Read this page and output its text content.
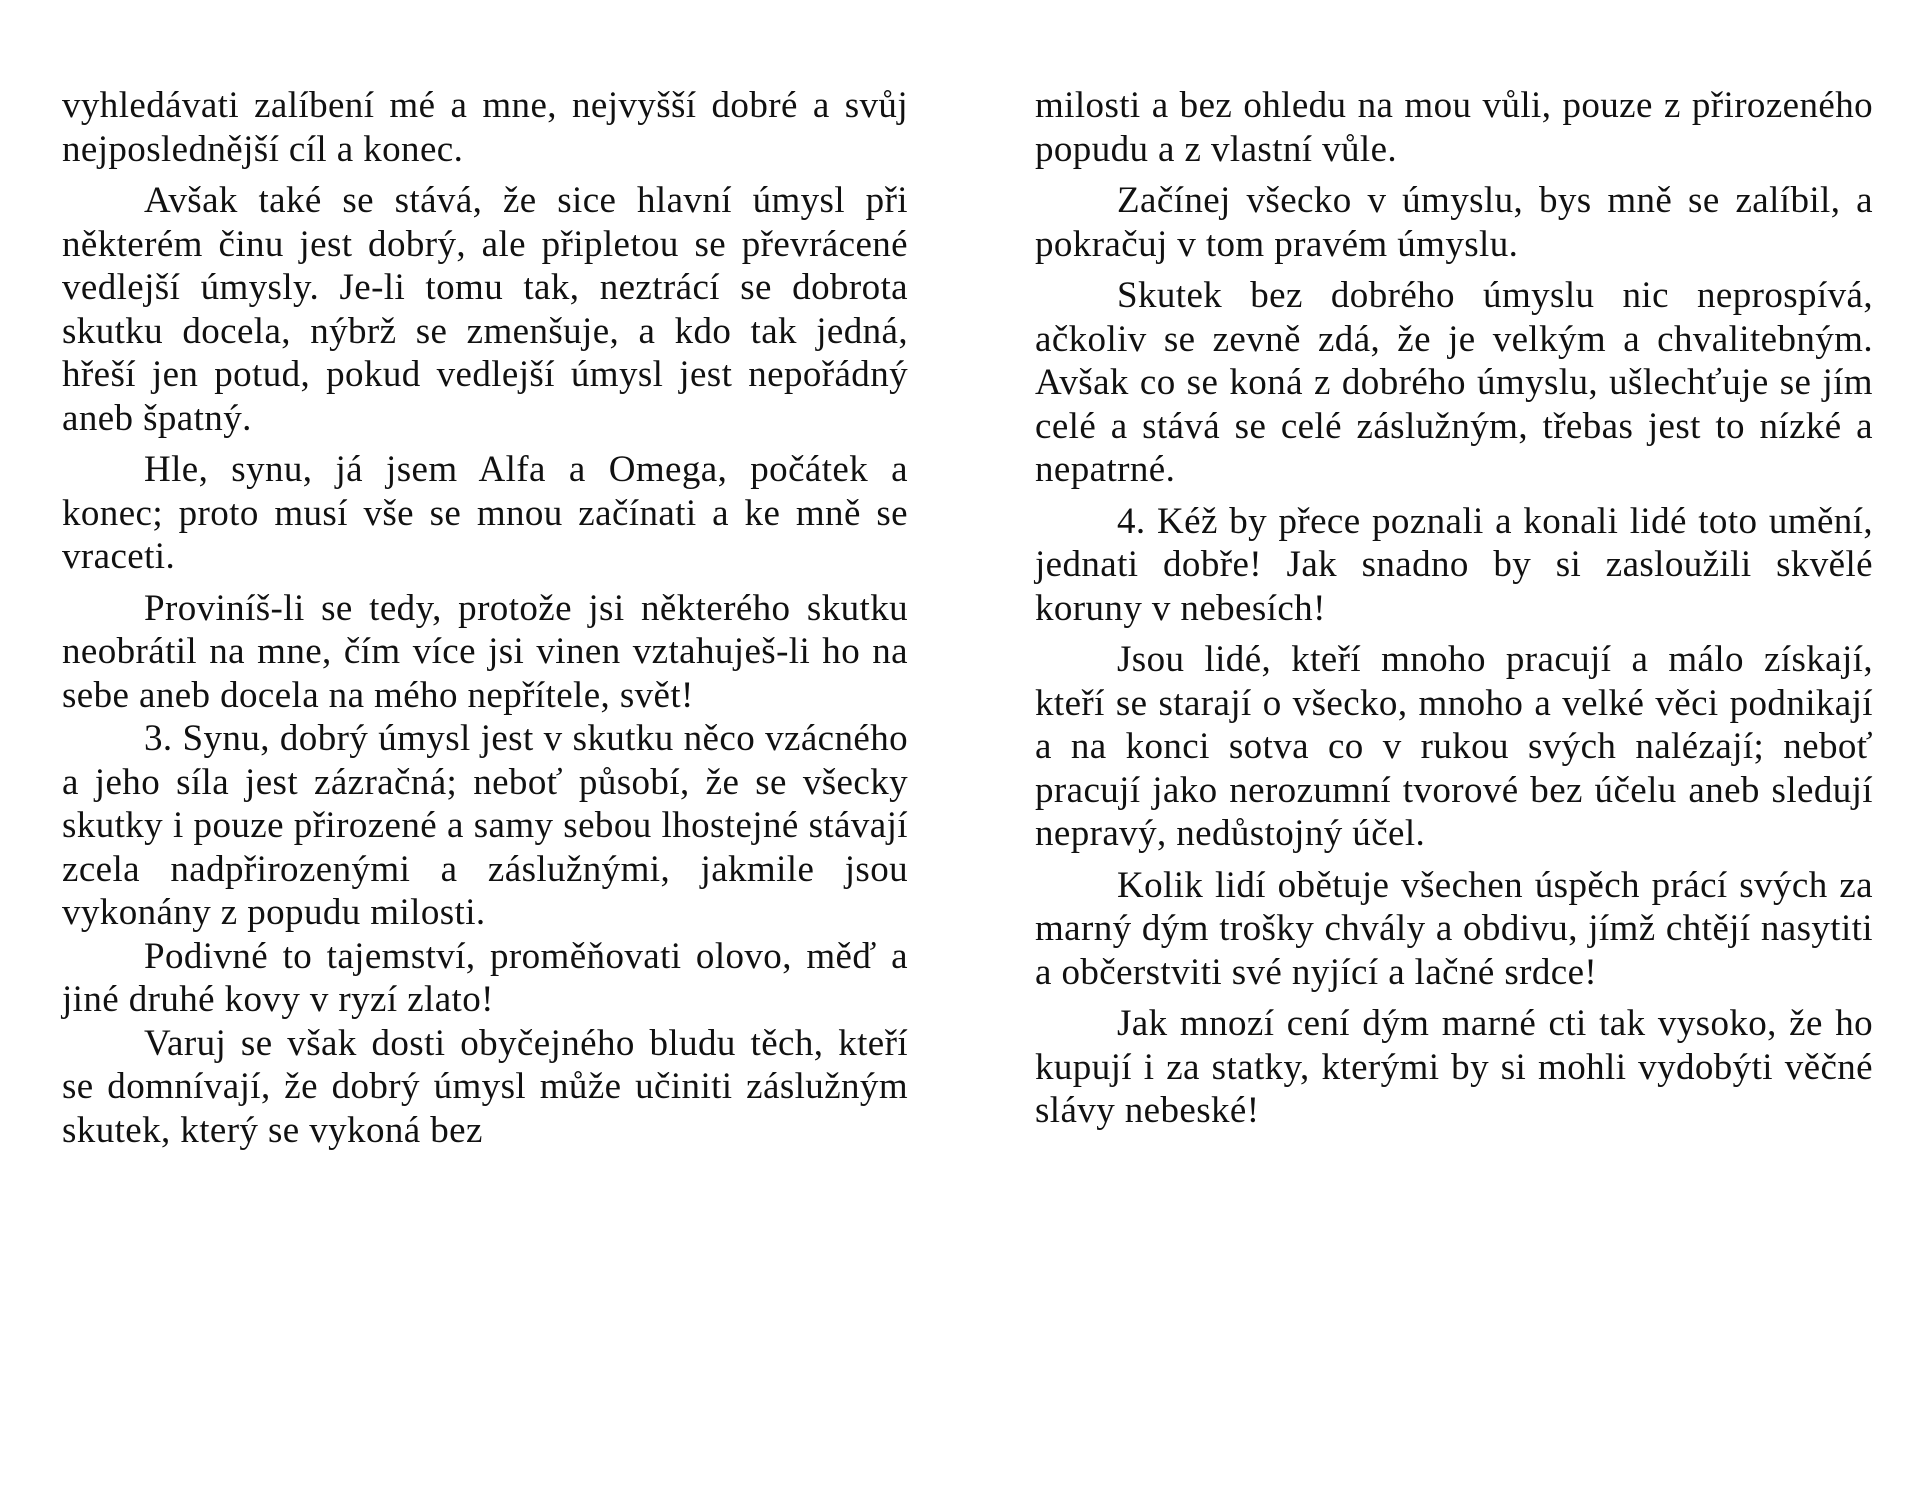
vyhledávati zalíbení mé a mne, nejvyšší dobré a svůj nejposlednější cíl a konec.

Avšak také se stává, že sice hlavní úmysl při některém činu jest dobrý, ale připletou se převrácené vedlejší úmysly. Je-li tomu tak, neztrácí se dobrota skutku docela, nýbrž se zmenšuje, a kdo tak jedná, hřeší jen potud, pokud vedlejší úmysl jest nepořádný aneb špatný.

Hle, synu, já jsem Alfa a Omega, počátek a konec; proto musí vše se mnou začínati a ke mně se vraceti.

Proviníš-li se tedy, protože jsi některého skutku neobrátil na mne, čím více jsi vinen vztahuješ-li ho na sebe aneb docela na mého nepřítele, svět!

3. Synu, dobrý úmysl jest v skutku něco vzácného a jeho síla jest zázračná; neboť působí, že se všecky skutky i pouze přirozené a samy sebou lhostejné stávají zcela nadpřirozenými a záslužnými, jakmile jsou vykonány z popudu milosti.

Podivné to tajemství, proměňovati olovo, měď a jiné druhé kovy v ryzí zlato!

Varuj se však dosti obyčejného bludu těch, kteří se domnívají, že dobrý úmysl může učiniti záslužným skutek, který se vykoná bez

milosti a bez ohledu na mou vůli, pouze z přirozeného popudu a z vlastní vůle.

Začínej všecko v úmyslu, bys mně se zalíbil, a pokračuj v tom pravém úmyslu.

Skutek bez dobrého úmyslu nic neprospívá, ačkoliv se zevně zdá, že je velkým a chvalitebným. Avšak co se koná z dobrého úmyslu, ušlechťuje se jím celé a stává se celé záslužným, třebas jest to nízké a nepatrné.

4. Kéž by přece poznali a konali lidé toto umění, jednati dobře! Jak snadno by si zasloužili skvělé koruny v nebesích!

Jsou lidé, kteří mnoho pracují a málo získají, kteří se starají o všecko, mnoho a velké věci podnikají a na konci sotva co v rukou svých nalézají; neboť pracují jako nerozumní tvorové bez účelu aneb sledují nepravý, nedůstojný účel.

Kolik lidí obětuje všechen úspěch prácí svých za marný dým trošky chvály a obdivu, jímž chtějí nasytiti a občerstviti své nyjící a lačné srdce!

Jak mnozí cení dým marné cti tak vysoko, že ho kupují i za statky, kterými by si mohli vydobýti věčné slávy nebeské!
